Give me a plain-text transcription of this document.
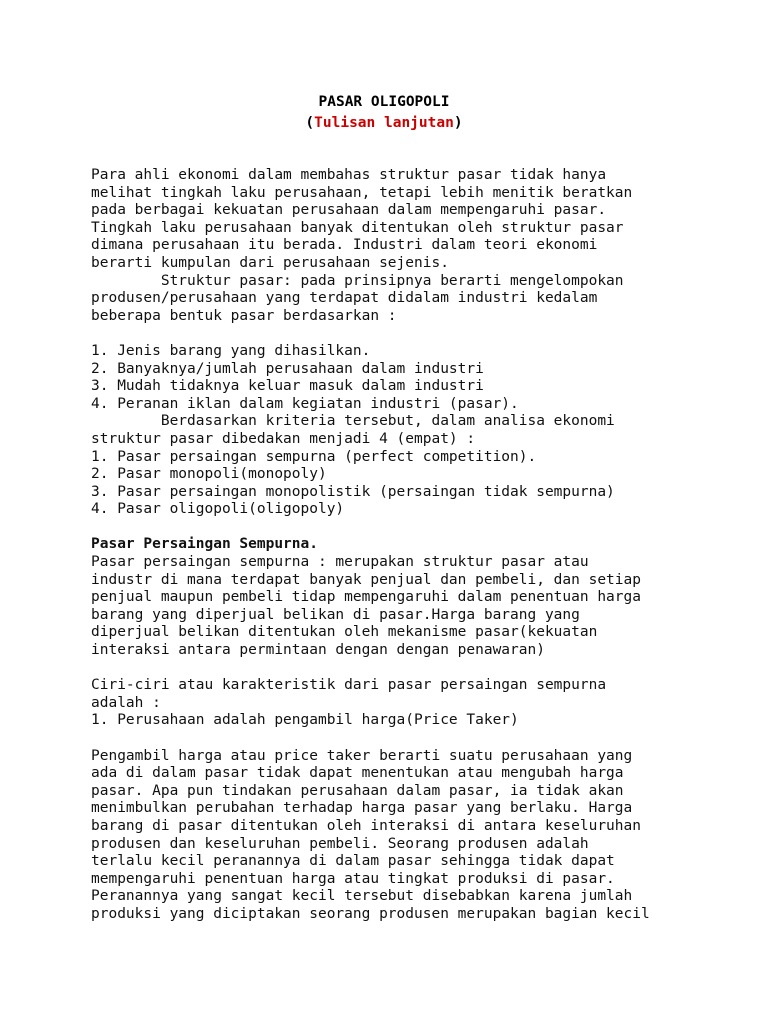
PASAR OLIGOPOLI
(Tulisan lanjutan)
Para ahli ekonomi dalam membahas struktur pasar tidak hanya
melihat tingkah laku perusahaan, tetapi lebih menitik beratkan
pada berbagai kekuatan perusahaan dalam mempengaruhi pasar.
Tingkah laku perusahaan banyak ditentukan oleh struktur pasar
dimana perusahaan itu berada. Industri dalam teori ekonomi
berarti kumpulan dari perusahaan sejenis.
Struktur pasar: pada prinsipnya berarti mengelompokan
produsen/perusahaan yang terdapat didalam industri kedalam
beberapa bentuk pasar berdasarkan :
1. Jenis barang yang dihasilkan.
2. Banyaknya/jumlah perusahaan dalam industri
3. Mudah tidaknya keluar masuk dalam industri
4. Peranan iklan dalam kegiatan industri (pasar).
Berdasarkan kriteria tersebut, dalam analisa ekonomi
struktur pasar dibedakan menjadi 4 (empat) :
1. Pasar persaingan sempurna (perfect competition).
2. Pasar monopoli(monopoly)
3. Pasar persaingan monopolistik (persaingan tidak sempurna)
4. Pasar oligopoli(oligopoly)
Pasar Persaingan Sempurna.
Pasar persaingan sempurna : merupakan struktur pasar atau
industr di mana terdapat banyak penjual dan pembeli, dan setiap
penjual maupun pembeli tidap mempengaruhi dalam penentuan harga
barang yang diperjual belikan di pasar.Harga barang yang
diperjual belikan ditentukan oleh mekanisme pasar(kekuatan
interaksi antara permintaan dengan dengan penawaran)
Ciri-ciri atau karakteristik dari pasar persaingan sempurna
adalah :
1. Perusahaan adalah pengambil harga(Price Taker)
Pengambil harga atau price taker berarti suatu perusahaan yang
ada di dalam pasar tidak dapat menentukan atau mengubah harga
pasar. Apa pun tindakan perusahaan dalam pasar, ia tidak akan
menimbulkan perubahan terhadap harga pasar yang berlaku. Harga
barang di pasar ditentukan oleh interaksi di antara keseluruhan
produsen dan keseluruhan pembeli. Seorang produsen adalah
terlalu kecil peranannya di dalam pasar sehingga tidak dapat
mempengaruhi penentuan harga atau tingkat produksi di pasar.
Peranannya yang sangat kecil tersebut disebabkan karena jumlah
produksi yang diciptakan seorang produsen merupakan bagian kecil
